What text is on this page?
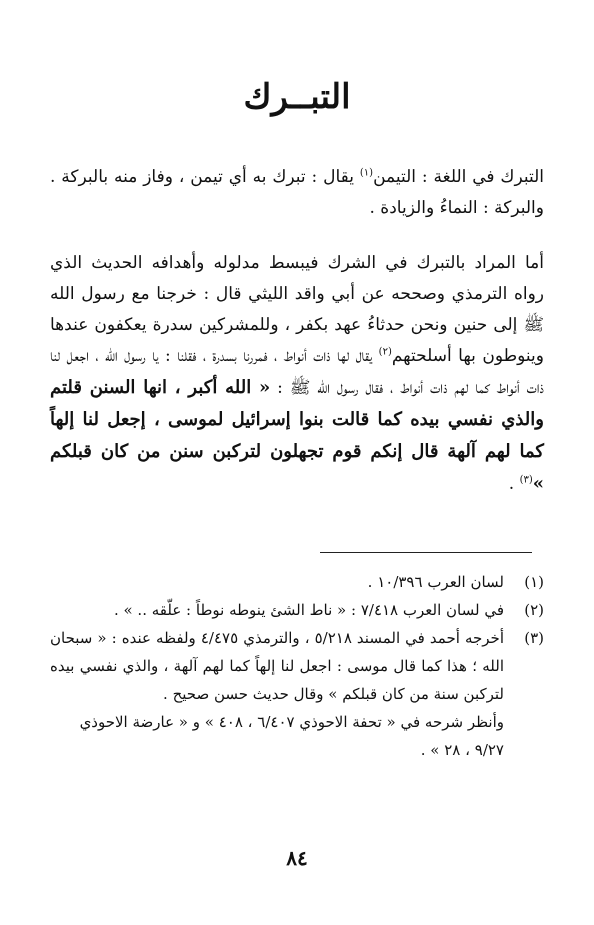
التبــرك

التبرك في اللغة : التيمن$^{(١)}$ يقال : تبرك به أي تيمن ، وفاز منه بالبركة . والبركة : النماءُ والزيادة .

أما المراد بالتبرك في الشرك فيبسط مدلوله وأهدافه الحديث الذي رواه الترمذي وصححه عن أبي واقد الليثي قال : خرجنا مع رسول الله ﷺ إلى حنين ونحن حدثاءُ عهد بكفر ، وللمشركين سدرة يعكفون عندها وينوطون بها أسلحتهم$^{(٢)}$ يقال لها ذات أنواط ، فمررنا بسدرة ، فقلنا : يا رسول الله ، اجعل لنا ذات أنواط كما لهم ذات أنواط ، فقال رسول الله ﷺ : « الله أكبر ، انها السنن قلتم والذي نفسي بيده كما قالت بنوا إسرائيل لموسى ، إجعل لنا إلهاً كما لهم آلهة قال إنكم قوم تجهلون لتركبن سنن من كان قبلكم »$^{(٣)}$ .

(١)
لسان العرب ١٠/٣٩٦ .
(٢)
في لسان العرب ٧/٤١٨ : « ناط الشئ ينوطه نوطاً : علّقه .. » .
(٣)
أخرجه أحمد في المسند ٥/٢١٨ ، والترمذي ٤/٤٧٥ ولفظه عنده : « سبحان الله ؛ هذا كما قال موسى : اجعل لنا إلهاً كما لهم آلهة ، والذي نفسي بيده لتركبن سنة من كان قبلكم » وقال حديث حسن صحيح .
وأنظر شرحه في « تحفة الاحوذي ٦/٤٠٧ ، ٤٠٨ » و « عارضة الاحوذي ٩/٢٧ ، ٢٨ » .
٨٤
